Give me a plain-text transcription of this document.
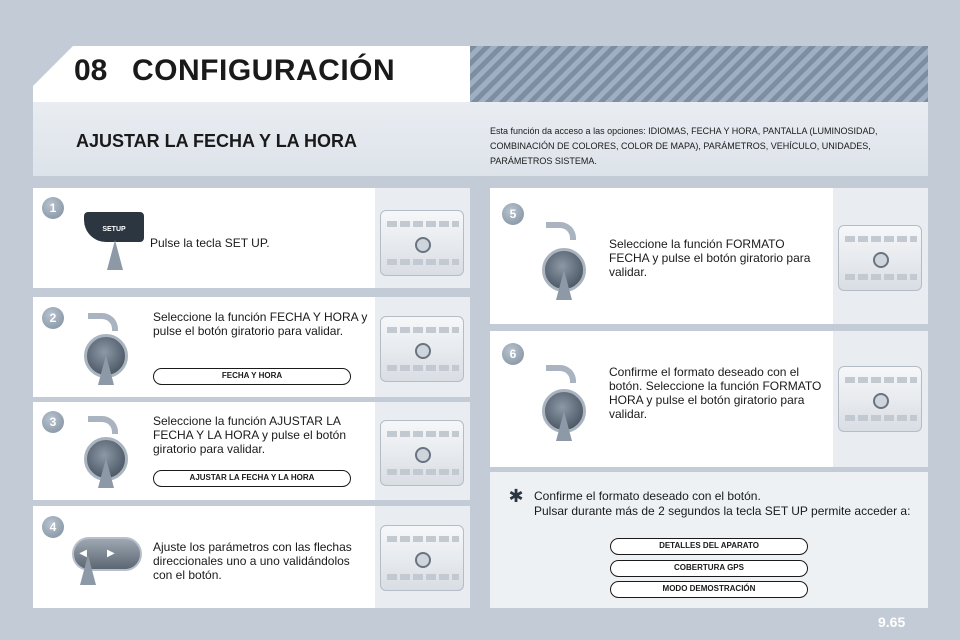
08 CONFIGURACIÓN
AJUSTAR LA FECHA Y LA HORA	Esta función da acceso a las opciones: IDIOMAS, FECHA Y HORA, PANTALLA (LUMINOSIDAD, COMBINACIÓN DE COLORES, COLOR DE MAPA), PARÁMETROS, VEHÍCULO, UNIDADES, PARÁMETROS SISTEMA.
1
SETUP
Pulse la tecla SET UP.
2	Seleccione la función FECHA Y HORA y pulse el botón giratorio para validar.
FECHA Y HORA
3	Seleccione la función AJUSTAR LA FECHA Y LA HORA y pulse el botón giratorio para validar.
AJUSTAR LA FECHA Y LA HORA
4
◀▶	Ajuste los parámetros con las flechas direccionales uno a uno validándolos con el botón.
5
Seleccione la función FORMATO FECHA y pulse el botón giratorio para validar.
6
Confirme el formato deseado con el botón. Seleccione la función FORMATO HORA y pulse el botón giratorio para validar.
✱ Confirme el formato deseado con el botón.
Pulsar durante más de 2 segundos la tecla SET UP permite acceder a:
DETALLES DEL APARATO
COBERTURA GPS
MODO DEMOSTRACIÓN
9.65
